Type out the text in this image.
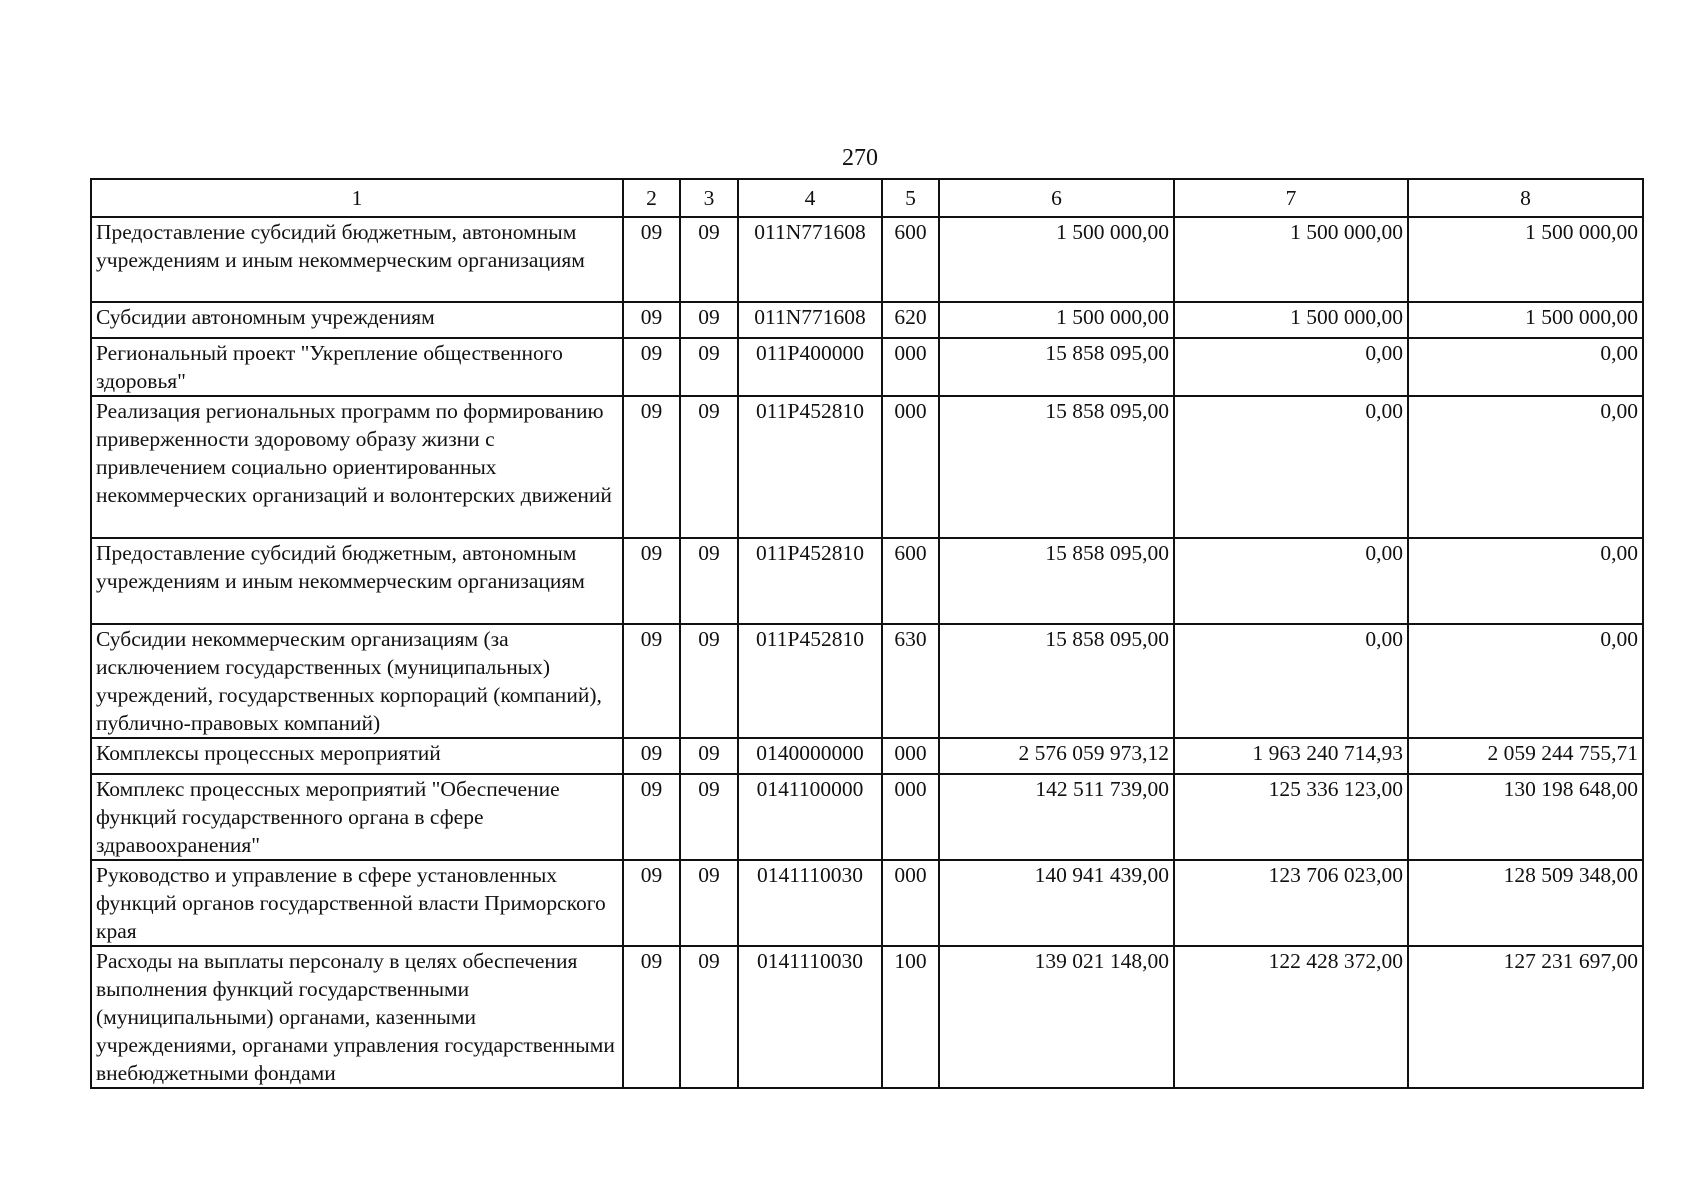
270
1	2	3	4	5	6	7	8
Предоставление субсидий бюджетным, автономным учреждениям и иным некоммерческим организациям	09	09	011N771608	600	1 500 000,00	1 500 000,00	1 500 000,00
Субсидии автономным учреждениям	09	09	011N771608	620	1 500 000,00	1 500 000,00	1 500 000,00
Региональный проект "Укрепление общественного здоровья"	09	09	011P400000	000	15 858 095,00	0,00	0,00
Реализация региональных программ по формированию приверженности здоровому образу жизни с привлечением социально ориентированных некоммерческих организаций и волонтерских движений	09	09	011P452810	000	15 858 095,00	0,00	0,00
Предоставление субсидий бюджетным, автономным учреждениям и иным некоммерческим организациям	09	09	011P452810	600	15 858 095,00	0,00	0,00
Субсидии некоммерческим организациям (за исключением государственных (муниципальных) учреждений, государственных корпораций (компаний), публично-правовых компаний)	09	09	011P452810	630	15 858 095,00	0,00	0,00
Комплексы процессных мероприятий	09	09	0140000000	000	2 576 059 973,12	1 963 240 714,93	2 059 244 755,71
Комплекс процессных мероприятий "Обеспечение функций государственного органа в сфере здравоохранения"	09	09	0141100000	000	142 511 739,00	125 336 123,00	130 198 648,00
Руководство и управление в сфере установленных функций органов государственной власти Приморского края	09	09	0141110030	000	140 941 439,00	123 706 023,00	128 509 348,00
Расходы на выплаты персоналу в целях обеспечения выполнения функций государственными (муниципальными) органами, казенными учреждениями, органами управления государственными внебюджетными фондами	09	09	0141110030	100	139 021 148,00	122 428 372,00	127 231 697,00
